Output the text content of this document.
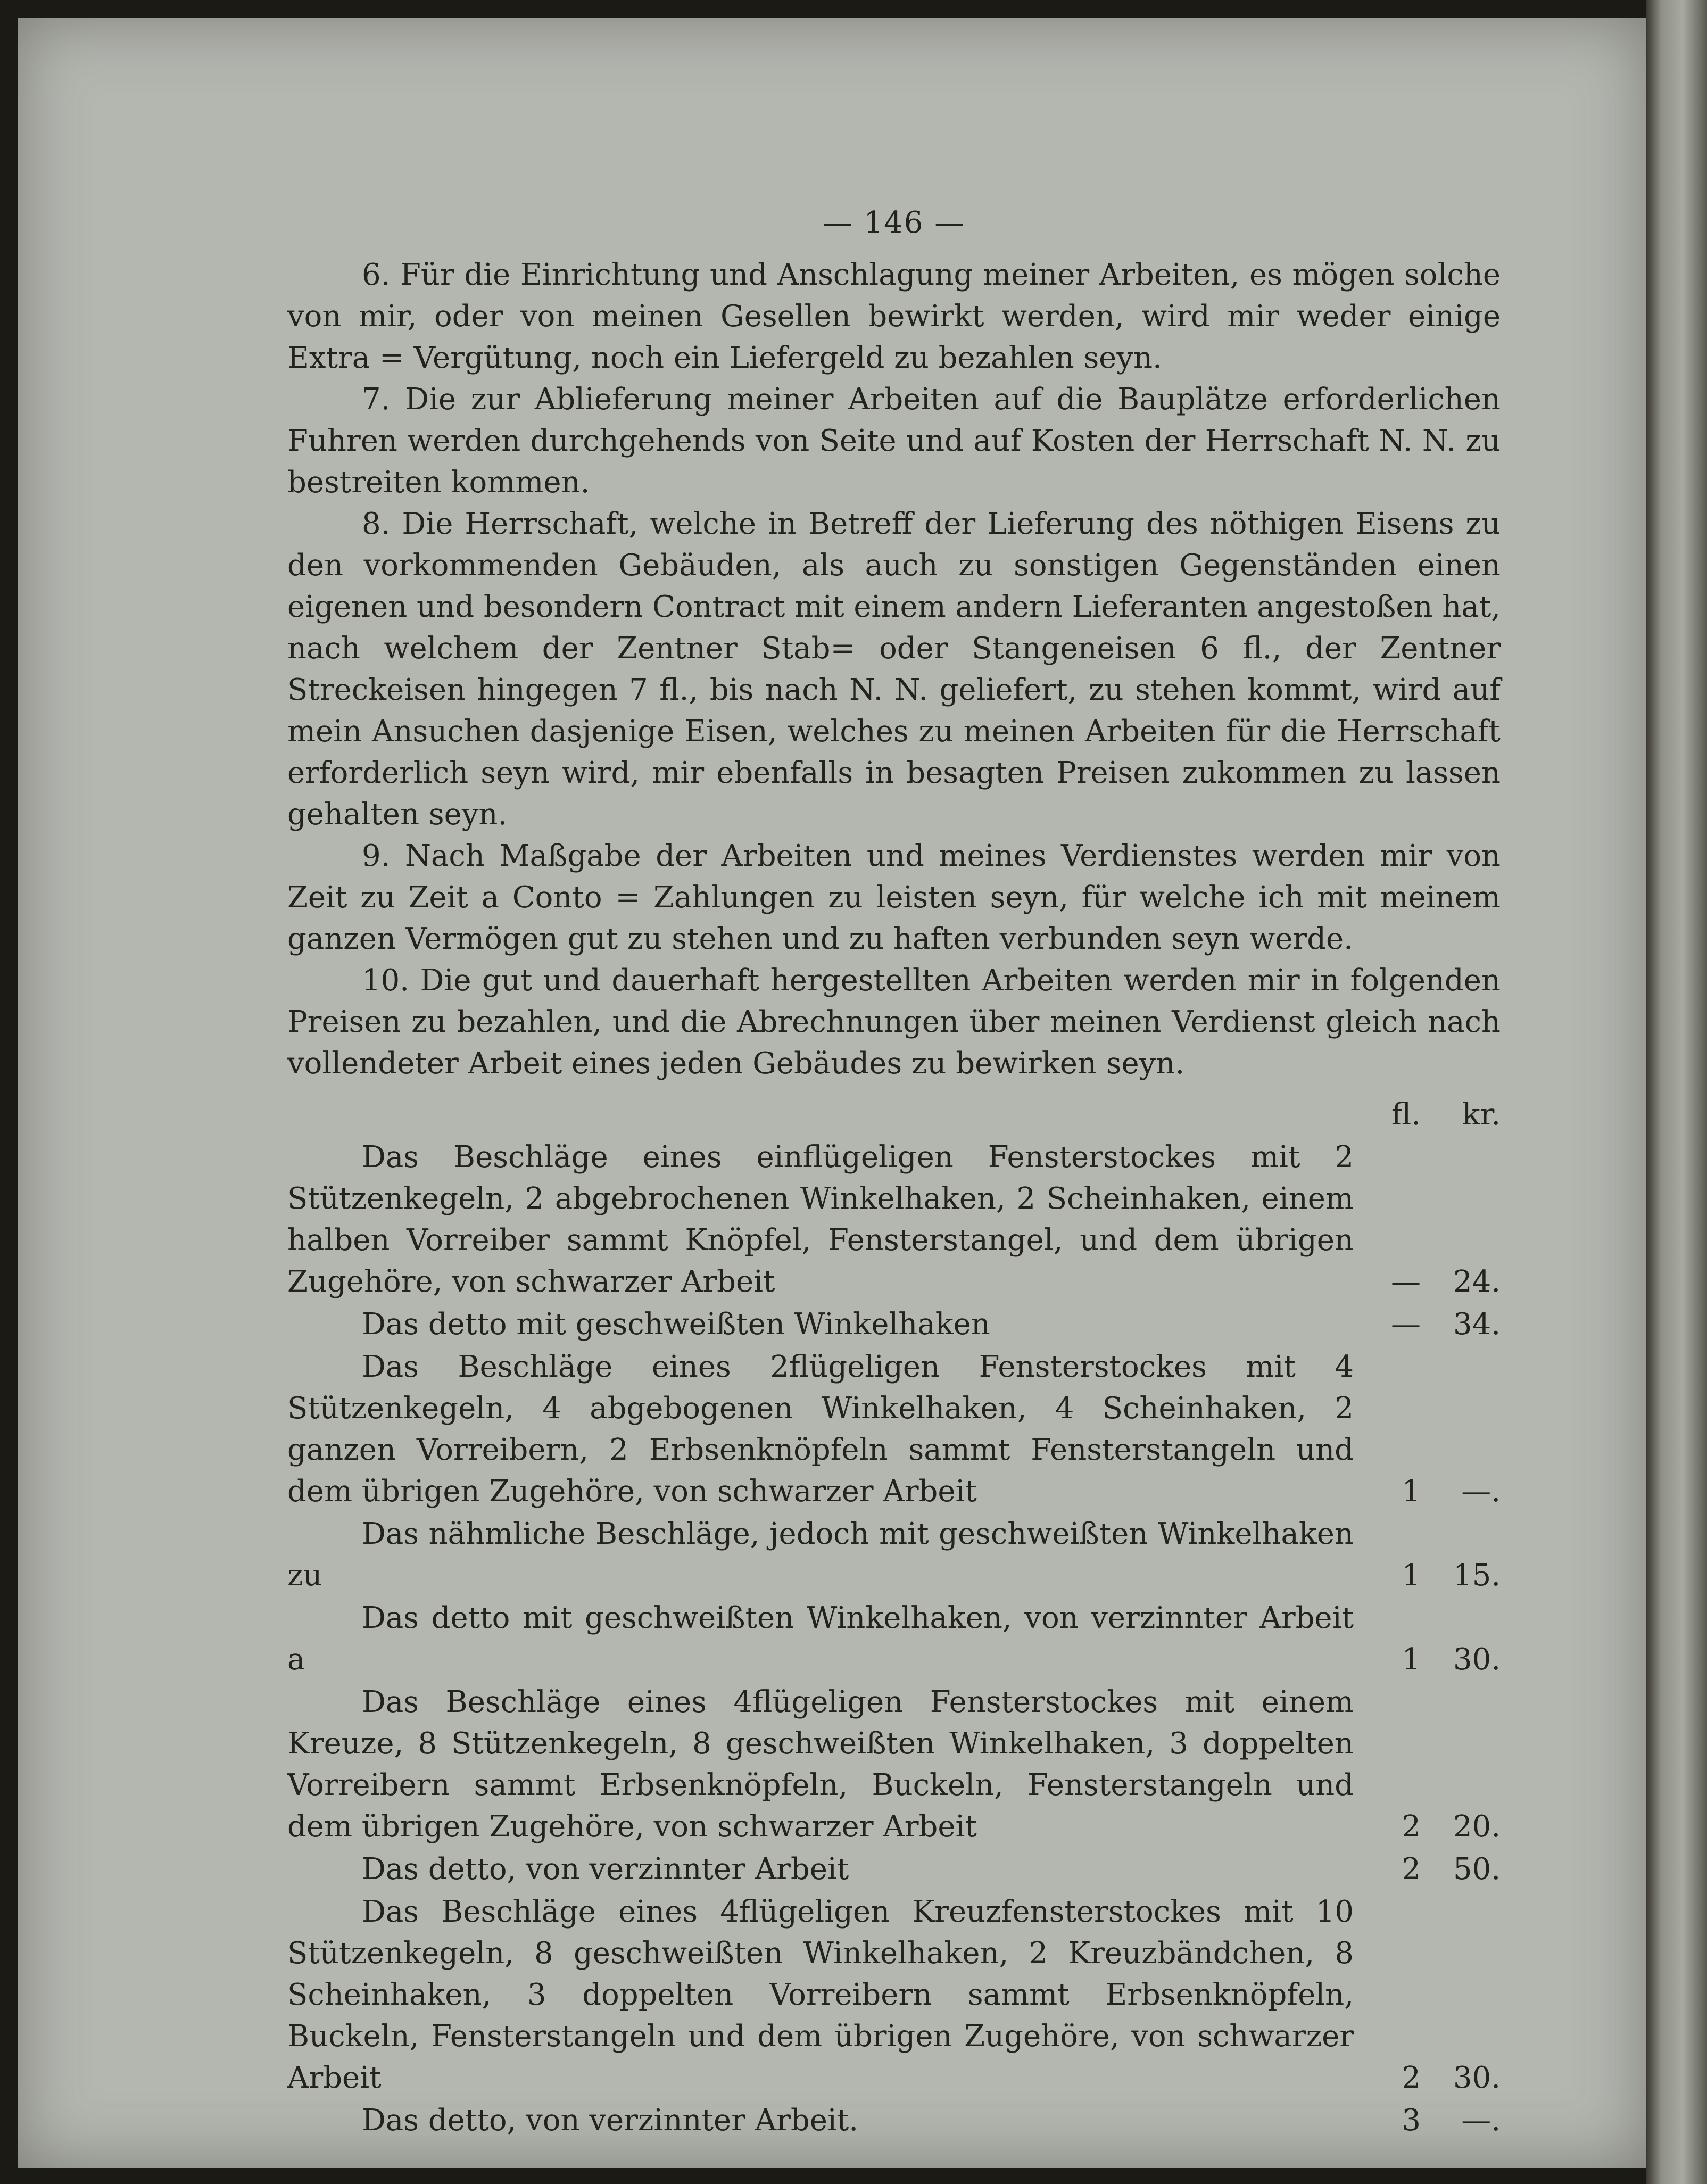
— 146 —

6. Für die Einrichtung und Anschlagung meiner Arbeiten, es mögen solche von mir, oder von meinen Gesellen bewirkt werden, wird mir weder einige Extra = Vergütung, noch ein Liefergeld zu bezahlen seyn.

7. Die zur Ablieferung meiner Arbeiten auf die Bauplätze erforderlichen Fuhren werden durchgehends von Seite und auf Kosten der Herrschaft N. N. zu bestreiten kommen.

8. Die Herrschaft, welche in Betreff der Lieferung des nöthigen Eisens zu den vorkommenden Gebäuden, als auch zu sonstigen Gegenständen einen eigenen und besondern Contract mit einem andern Lieferanten angestoßen hat, nach welchem der Zentner Stab= oder Stangeneisen 6 fl., der Zentner Streckeisen hingegen 7 fl., bis nach N. N. geliefert, zu stehen kommt, wird auf mein Ansuchen dasjenige Eisen, welches zu meinen Arbeiten für die Herrschaft erforderlich seyn wird, mir ebenfalls in besagten Preisen zukommen zu lassen gehalten seyn.

9. Nach Maßgabe der Arbeiten und meines Verdienstes werden mir von Zeit zu Zeit a Conto = Zahlungen zu leisten seyn, für welche ich mit meinem ganzen Vermögen gut zu stehen und zu haften verbunden seyn werde.

10. Die gut und dauerhaft hergestellten Arbeiten werden mir in folgenden Preisen zu bezahlen, und die Abrechnungen über meinen Verdienst gleich nach vollendeter Arbeit eines jeden Gebäudes zu bewirken seyn.

fl.	kr.
Das Beschläge eines einflügeligen Fensterstockes mit 2 Stützenkegeln, 2 abgebrochenen Winkelhaken, 2 Scheinhaken, einem halben Vorreiber sammt Knöpfel, Fensterstangel, und dem übrigen Zugehöre, von schwarzer Arbeit	—	24.
Das detto mit geschweißten Winkelhaken	—	34.
Das Beschläge eines 2flügeligen Fensterstockes mit 4 Stützenkegeln, 4 abgebogenen Winkelhaken, 4 Scheinhaken, 2 ganzen Vorreibern, 2 Erbsenknöpfeln sammt Fensterstangeln und dem übrigen Zugehöre, von schwarzer Arbeit	1	—.
Das nähmliche Beschläge, jedoch mit geschweißten Winkelhaken zu	1	15.
Das detto mit geschweißten Winkelhaken, von verzinnter Arbeit a	1	30.
Das Beschläge eines 4flügeligen Fensterstockes mit einem Kreuze, 8 Stützenkegeln, 8 geschweißten Winkelhaken, 3 doppelten Vorreibern sammt Erbsenknöpfeln, Buckeln, Fensterstangeln und dem übrigen Zugehöre, von schwarzer Arbeit	2	20.
Das detto, von verzinnter Arbeit	2	50.
Das Beschläge eines 4flügeligen Kreuzfensterstockes mit 10 Stützenkegeln, 8 geschweißten Winkelhaken, 2 Kreuzbändchen, 8 Scheinhaken, 3 doppelten Vorreibern sammt Erbsenknöpfeln, Buckeln, Fensterstangeln und dem übrigen Zugehöre, von schwarzer Arbeit	2	30.
Das detto, von verzinnter Arbeit.	3	—.
